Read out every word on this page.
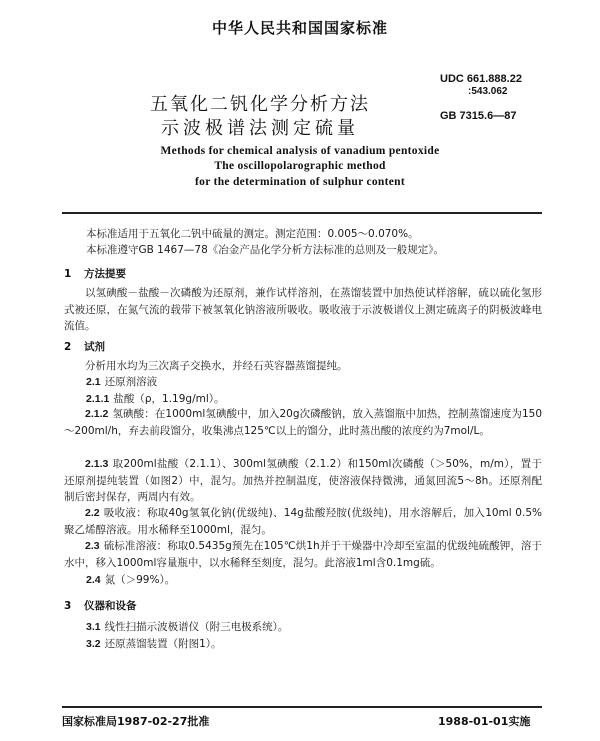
中华人民共和国国家标准
五氧化二钒化学分析方法
示波极谱法测定硫量
UDC 661.888.22
:543.062
GB 7315.6—87
Methods for chemical analysis of vanadium pentoxide
The oscillopolarographic method
for the determination of sulphur content
本标准适用于五氧化二钒中硫量的测定。测定范围：0.005～0.070%。
本标准遵守GB 1467—78《冶金产品化学分析方法标准的总则及一般规定》。
1 方法提要
以氢碘酸－盐酸－次磷酸为还原剂，兼作试样溶剂，在蒸馏装置中加热使试样溶解，硫以硫化氢形式被还原，在氮气流的载带下被氢氧化钠溶液所吸收。吸收液于示波极谱仪上测定硫离子的阴极波峰电流值。
2 试剂
分析用水均为三次离子交换水，并经石英容器蒸馏提纯。
2.1 还原剂溶液
2.1.1 盐酸（ρ，1.19g/ml）。
2.1.2 氢碘酸：在1000ml氢碘酸中，加入20g次磷酸钠，放入蒸馏瓶中加热，控制蒸馏速度为150～200ml/h，弃去前段馏分，收集沸点125℃以上的馏分，此时蒸出酸的浓度约为7mol/L。
2.1.3 取200ml盐酸（2.1.1）、300ml氢碘酸（2.1.2）和150ml次磷酸（＞50%，m/m），置于还原剂提纯装置（如图2）中，混匀。加热并控制温度，使溶液保持微沸，通氮回流5～8h。还原剂配制后密封保存，两周内有效。
2.2 吸收液：称取40g氢氧化钠(优级纯)、14g盐酸羟胺(优级纯)，用水溶解后，加入10ml 0.5%聚乙烯醇溶液。用水稀释至1000ml，混匀。
2.3 硫标准溶液：称取0.5435g预先在105℃烘1h并于干燥器中冷却至室温的优级纯硫酸钾，溶于水中，移入1000ml容量瓶中，以水稀释至刻度，混匀。此溶液1ml含0.1mg硫。
2.4 氮（＞99%）。
3 仪器和设备
3.1 线性扫描示波极谱仪（附三电极系统）。
3.2 还原蒸馏装置（附图1）。
国家标准局1987-02-27批准	1988-01-01实施
